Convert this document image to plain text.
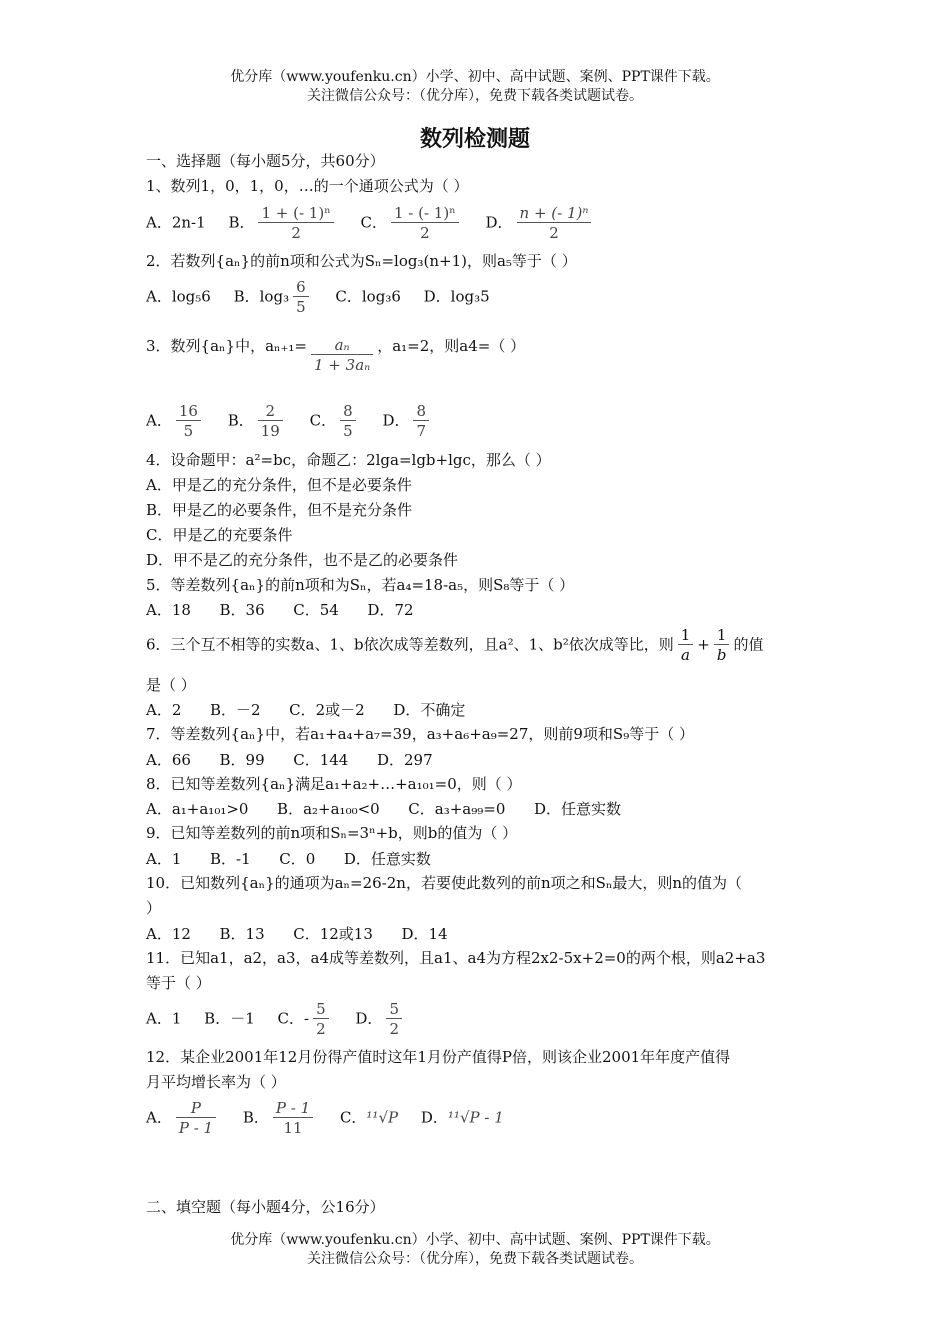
优分库（www.youfenku.cn）小学、初中、高中试题、案例、PPT课件下载。
关注微信公众号：（优分库），免费下载各类试题试卷。
数列检测题
一、选择题（每小题5分，共60分）
1、数列1，0，1，0，…的一个通项公式为（ ）
A．2n-1 B． $\frac{\text{1 + (- 1)ⁿ}}{2}$ C． $\frac{\text{1 - (- 1)ⁿ}}{2}$ D． $\frac{\text{n + (- 1)ⁿ}}{2}$
2．若数列{aₙ}的前n项和公式为Sₙ=log₃(n+1)，则a₅等于（ ）
A．log₅6 B．$\log_3 \frac{6}{5}$ C．log₃6 D．log₃5
3．数列{aₙ}中，$a_{n+1}= \frac{\text{aₙ}}{\text{1 + 3aₙ}}$ ，a₁=2，则a4=（ ）
A． $\frac{16}{5}$ B． $\frac{2}{19}$ C． $\frac{8}{5}$ D． $\frac{8}{7}$
4．设命题甲：a²=bc，命题乙：2lga=lgb+lgc，那么（ ）
A．甲是乙的充分条件，但不是必要条件
B．甲是乙的必要条件，但不是充分条件
C．甲是乙的充要条件
D．甲不是乙的充分条件，也不是乙的必要条件
5．等差数列{aₙ}的前n项和为Sₙ，若a₄=18-a₅，则S₈等于（ ）
A．18      B．36      C．54      D．72
6．三个互不相等的实数a、1、b依次成等差数列，且a²、1、b²依次成等比，则 $\frac{1}{a} + \frac{1}{b}$ 的值
是（ ）
A．2      B．－2      C．2或－2      D．不确定
7．等差数列{aₙ}中，若a₁+a₄+a₇=39，a₃+a₆+a₉=27，则前9项和S₉等于（ ）
A．66      B．99      C．144      D．297
8．已知等差数列{aₙ}满足a₁+a₂+…+a₁₀₁=0，则（ ）
A．a₁+a₁₀₁>0      B．a₂+a₁₀₀<0      C．a₃+a₉₉=0      D．任意实数
9．已知等差数列的前n项和Sₙ=3ⁿ+b，则b的值为（ ）
A．1      B．-1      C．0      D．任意实数
10．已知数列{aₙ}的通项为aₙ=26-2n，若要使此数列的前n项之和Sₙ最大，则n的值为（
）
A．12      B．13      C．12或13      D．14
11．已知a1，a2，a3，a4成等差数列，且a1、a4为方程2x2-5x+2=0的两个根，则a2+a3
等于（ ）
A．1 B．－1 C．- $\frac{5}{2}$ D． $\frac{5}{2}$
12．某企业2001年12月份得产值时这年1月份产值得P倍，则该企业2001年年度产值得
月平均增长率为（ ）
A． $\frac{P}{P - 1}$ B． $\frac{P - 1}{11}$ C．¹¹√P D．¹¹√P - 1
二、填空题（每小题4分，公16分）
优分库（www.youfenku.cn）小学、初中、高中试题、案例、PPT课件下载。
关注微信公众号：（优分库），免费下载各类试题试卷。
